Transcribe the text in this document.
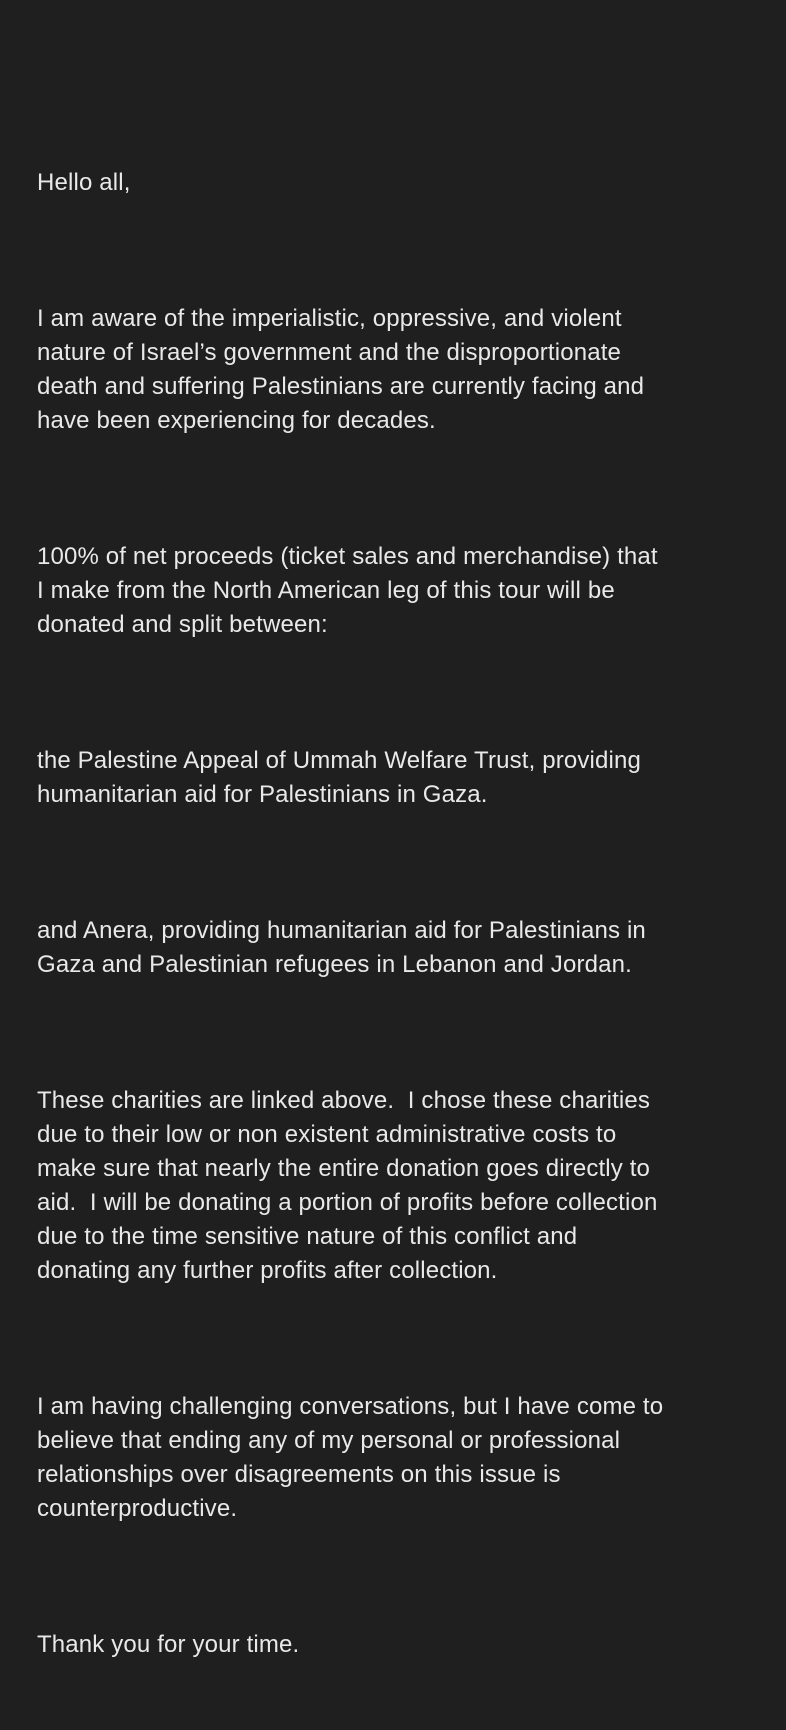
Hello all,

I am aware of the imperialistic, oppressive, and violent
nature of Israel’s government and the disproportionate
death and suffering Palestinians are currently facing and
have been experiencing for decades.

100% of net proceeds (ticket sales and merchandise) that
I make from the North American leg of this tour will be
donated and split between:

the Palestine Appeal of Ummah Welfare Trust, providing
humanitarian aid for Palestinians in Gaza.

and Anera, providing humanitarian aid for Palestinians in
Gaza and Palestinian refugees in Lebanon and Jordan.

These charities are linked above.  I chose these charities
due to their low or non existent administrative costs to
make sure that nearly the entire donation goes directly to
aid.  I will be donating a portion of profits before collection
due to the time sensitive nature of this conflict and
donating any further profits after collection.

I am having challenging conversations, but I have come to
believe that ending any of my personal or professional
relationships over disagreements on this issue is
counterproductive.

Thank you for your time.
